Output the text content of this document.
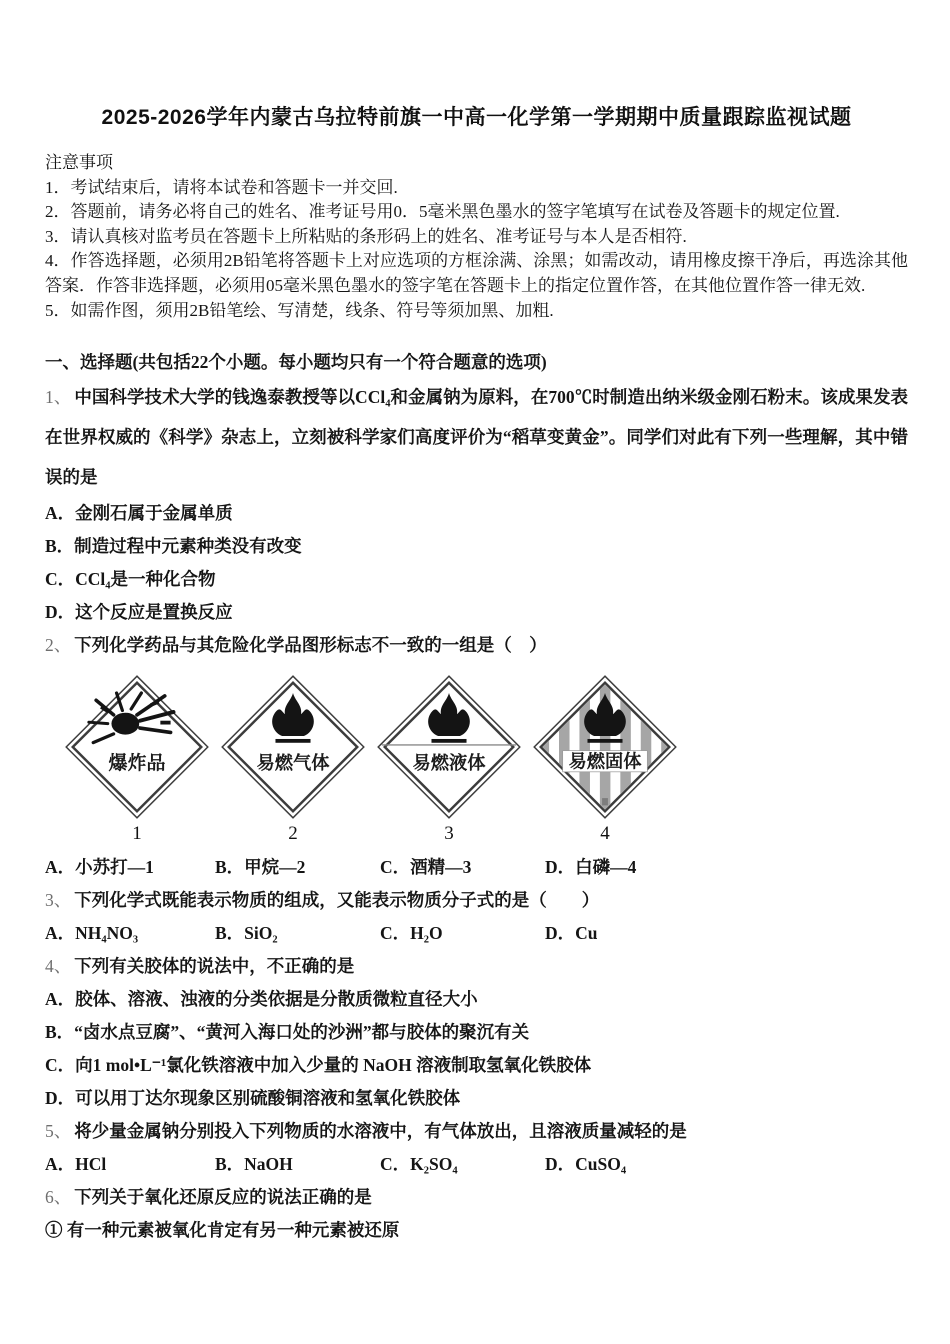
2025-2026学年内蒙古乌拉特前旗一中高一化学第一学期期中质量跟踪监视试题

注意事项

1．考试结束后，请将本试卷和答题卡一并交回.

2．答题前，请务必将自己的姓名、准考证号用0．5毫米黑色墨水的签字笔填写在试卷及答题卡的规定位置.

3．请认真核对监考员在答题卡上所粘贴的条形码上的姓名、准考证号与本人是否相符.

4．作答选择题，必须用2B铅笔将答题卡上对应选项的方框涂满、涂黑；如需改动，请用橡皮擦干净后，再选涂其他答案．作答非选择题，必须用05毫米黑色墨水的签字笔在答题卡上的指定位置作答，在其他位置作答一律无效.

5．如需作图，须用2B铅笔绘、写清楚，线条、符号等须加黑、加粗.

一、选择题(共包括22个小题。每小题均只有一个符合题意的选项)

1、 中国科学技术大学的钱逸泰教授等以CCl₄和金属钠为原料，在700℃时制造出纳米级金刚石粉末。该成果发表在世界权威的《科学》杂志上，立刻被科学家们高度评价为“稻草变黄金”。同学们对此有下列一些理解，其中错误的是

A．金刚石属于金属单质

B．制造过程中元素种类没有改变

C．CCl₄是一种化合物

D．这个反应是置换反应

2、 下列化学药品与其危险化学品图形标志不一致的一组是（　）

爆炸品
1
易燃气体
2
易燃液体
3
易燃固体
4
A．小苏打—1	B．甲烷—2	C．酒精—3	D．白磷—4

3、 下列化学式既能表示物质的组成，又能表示物质分子式的是（　　）

A．NH₄NO₃	B．SiO₂	C．H₂O	D．Cu

4、 下列有关胶体的说法中，不正确的是

A．胶体、溶液、浊液的分类依据是分散质微粒直径大小

B．“卤水点豆腐”、“黄河入海口处的沙洲”都与胶体的聚沉有关

C．向1 mol•L⁻¹氯化铁溶液中加入少量的 NaOH 溶液制取氢氧化铁胶体

D．可以用丁达尔现象区别硫酸铜溶液和氢氧化铁胶体

5、 将少量金属钠分别投入下列物质的水溶液中，有气体放出，且溶液质量减轻的是

A．HCl	B．NaOH	C．K₂SO₄	D．CuSO₄

6、 下列关于氧化还原反应的说法正确的是

① 有一种元素被氧化肯定有另一种元素被还原
